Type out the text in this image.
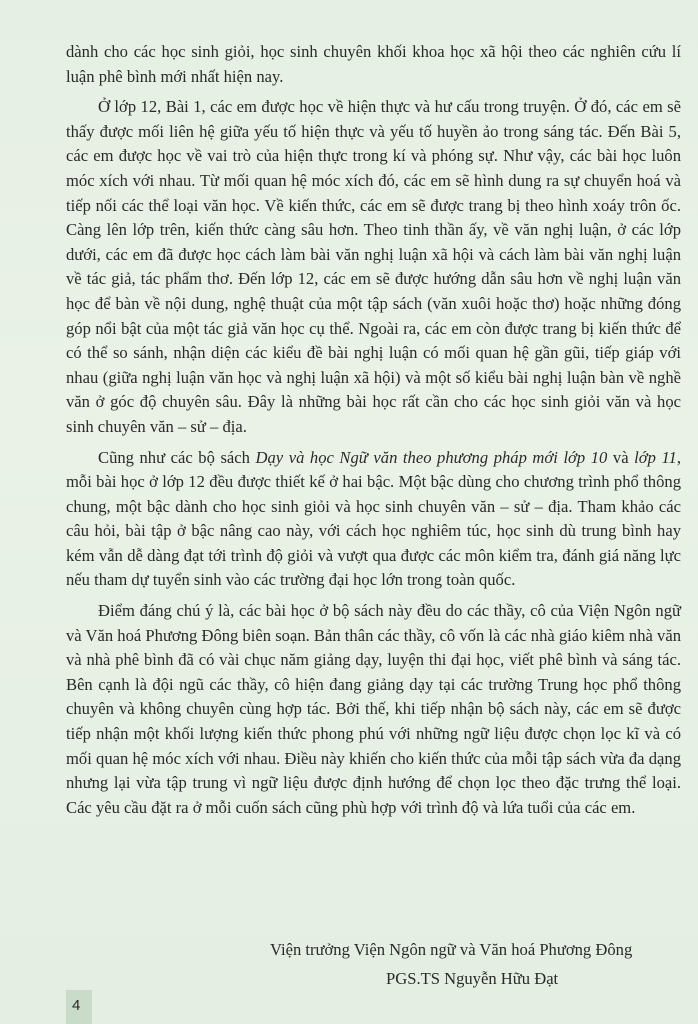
dành cho các học sinh giỏi, học sinh chuyên khối khoa học xã hội theo các nghiên cứu lí luận phê bình mới nhất hiện nay.

Ở lớp 12, Bài 1, các em được học về hiện thực và hư cấu trong truyện. Ở đó, các em sẽ thấy được mối liên hệ giữa yếu tố hiện thực và yếu tố huyền ảo trong sáng tác. Đến Bài 5, các em được học về vai trò của hiện thực trong kí và phóng sự. Như vậy, các bài học luôn móc xích với nhau. Từ mối quan hệ móc xích đó, các em sẽ hình dung ra sự chuyển hoá và tiếp nối các thể loại văn học. Về kiến thức, các em sẽ được trang bị theo hình xoáy trôn ốc. Càng lên lớp trên, kiến thức càng sâu hơn. Theo tinh thần ấy, về văn nghị luận, ở các lớp dưới, các em đã được học cách làm bài văn nghị luận xã hội và cách làm bài văn nghị luận về tác giả, tác phẩm thơ. Đến lớp 12, các em sẽ được hướng dẫn sâu hơn về nghị luận văn học để bàn về nội dung, nghệ thuật của một tập sách (văn xuôi hoặc thơ) hoặc những đóng góp nổi bật của một tác giả văn học cụ thể. Ngoài ra, các em còn được trang bị kiến thức để có thể so sánh, nhận diện các kiểu đề bài nghị luận có mối quan hệ gần gũi, tiếp giáp với nhau (giữa nghị luận văn học và nghị luận xã hội) và một số kiểu bài nghị luận bàn về nghề văn ở góc độ chuyên sâu. Đây là những bài học rất cần cho các học sinh giỏi văn và học sinh chuyên văn – sử – địa.

Cũng như các bộ sách Dạy và học Ngữ văn theo phương pháp mới lớp 10 và lớp 11, mỗi bài học ở lớp 12 đều được thiết kế ở hai bậc. Một bậc dùng cho chương trình phổ thông chung, một bậc dành cho học sinh giỏi và học sinh chuyên văn – sử – địa. Tham khảo các câu hỏi, bài tập ở bậc nâng cao này, với cách học nghiêm túc, học sinh dù trung bình hay kém vẫn dễ dàng đạt tới trình độ giỏi và vượt qua được các môn kiểm tra, đánh giá năng lực nếu tham dự tuyển sinh vào các trường đại học lớn trong toàn quốc.

Điểm đáng chú ý là, các bài học ở bộ sách này đều do các thầy, cô của Viện Ngôn ngữ và Văn hoá Phương Đông biên soạn. Bản thân các thầy, cô vốn là các nhà giáo kiêm nhà văn và nhà phê bình đã có vài chục năm giảng dạy, luyện thi đại học, viết phê bình và sáng tác. Bên cạnh là đội ngũ các thầy, cô hiện đang giảng dạy tại các trường Trung học phổ thông chuyên và không chuyên cùng hợp tác. Bởi thế, khi tiếp nhận bộ sách này, các em sẽ được tiếp nhận một khối lượng kiến thức phong phú với những ngữ liệu được chọn lọc kĩ và có mối quan hệ móc xích với nhau. Điều này khiến cho kiến thức của mỗi tập sách vừa đa dạng nhưng lại vừa tập trung vì ngữ liệu được định hướng để chọn lọc theo đặc trưng thể loại. Các yêu cầu đặt ra ở mỗi cuốn sách cũng phù hợp với trình độ và lứa tuổi của các em.

Viện trưởng Viện Ngôn ngữ và Văn hoá Phương Đông
PGS.TS Nguyễn Hữu Đạt
4
